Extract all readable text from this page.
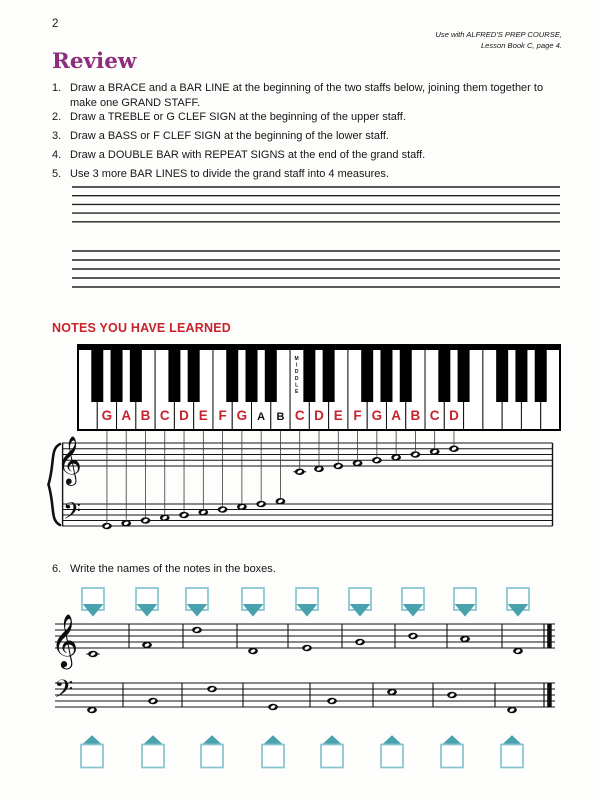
2
Use with ALFRED'S PREP COURSE,
Lesson Book C, page 4.
Review
1. Draw a BRACE and a BAR LINE at the beginning of the two staffs below, joining them together to make one GRAND STAFF.
2. Draw a TREBLE or G CLEF SIGN at the beginning of the upper staff.
3. Draw a BASS or F CLEF SIGN at the beginning of the lower staff.
4. Draw a DOUBLE BAR with REPEAT SIGNS at the end of the grand staff.
5. Use 3 more BAR LINES to divide the grand staff into 4 measures.
NOTES YOU HAVE LEARNED
6. Write the names of the notes in the boxes.
G A B C D E F G A B C D E F G A B C D
M
I
D
D
L
E
𝄞
𝄢
𝄞
𝄢
